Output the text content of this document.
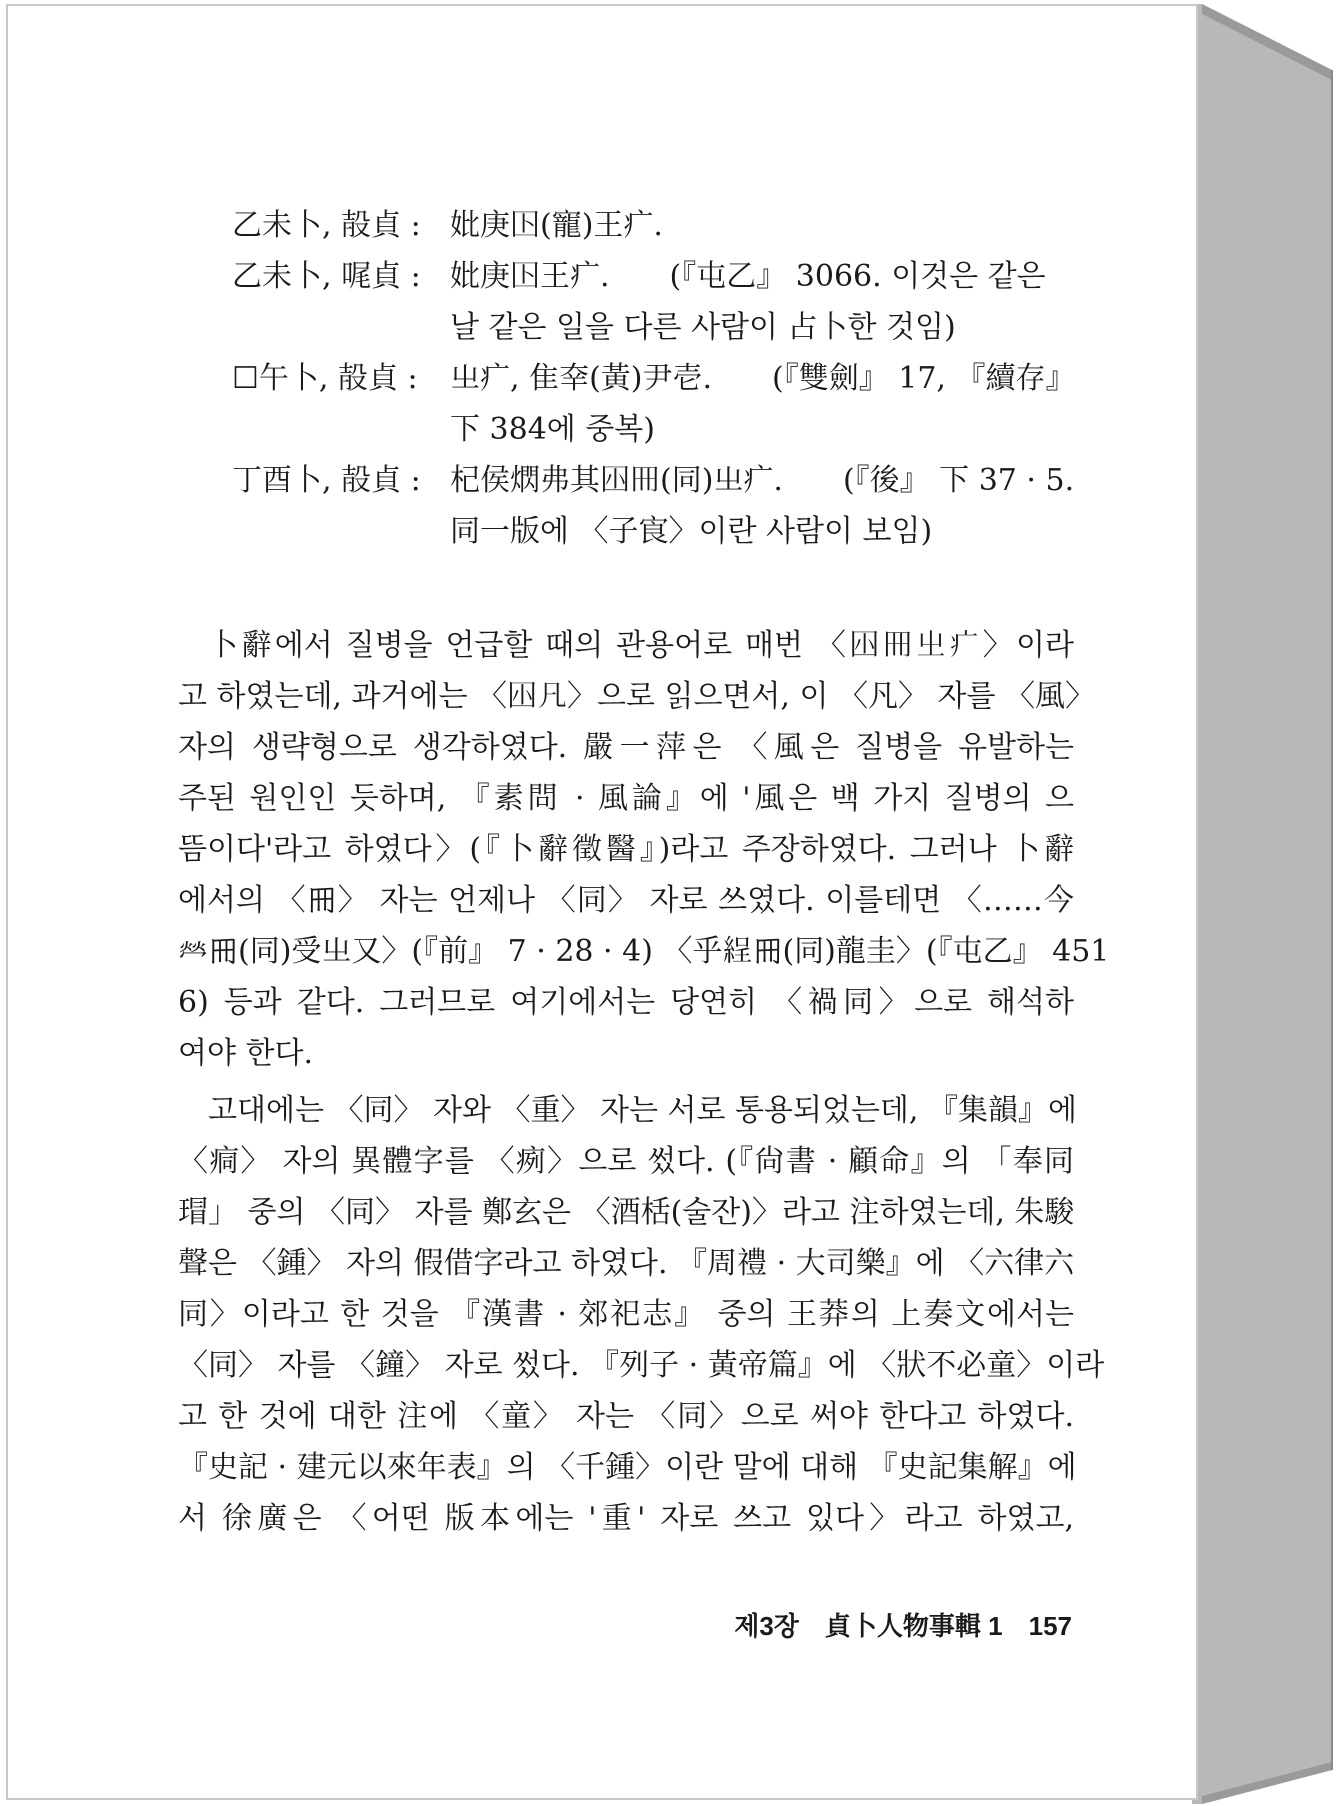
乙未卜, 㱿貞 : 妣庚𡆥(寵)王疒.
乙未卜, 𠳿貞 : 妣庚𡆥王疒.　　(『屯乙』 3066. 이것은 같은
날 같은 일을 다른 사람이 占卜한 것임)
☐午卜, 㱿貞 :	㞢疒, 隹㚔(黃)尹壱.　　(『雙劍』 17, 『續存』
下 384에 중복)
丁酉卜, 㱿貞 : 杞侯熌弗其𡆧𠕁(同)㞢疒.　　(『後』 下 37 · 5.
同一版에 〈子㝗〉이란 사람이 보임)
卜辭에서 질병을 언급할 때의 관용어로 매번 〈𡆧𠕁㞢疒〉이라
고 하였는데, 과거에는 〈𡆧凡〉으로 읽으면서, 이 〈凡〉 자를 〈風〉
자의 생략형으로 생각하였다. 嚴一萍은 〈風은 질병을 유발하는
주된 원인인 듯하며, 『素問 · 風論』에 '風은 백 가지 질병의 으
뜸이다'라고 하였다〉(『卜辭徵醫』)라고 주장하였다. 그러나 卜辭
에서의 〈𠕁〉 자는 언제나 〈同〉 자로 쓰였다. 이를테면 〈……今
𤇾𠕁(同)受㞢又〉(『前』 7 · 28 · 4) 〈乎𦀚𠕁(同)龍圭〉(『屯乙』 451
6) 등과 같다. 그러므로 여기에서는 당연히 〈禍同〉으로 해석하
여야 한다.
고대에는 〈同〉 자와 〈重〉 자는 서로 통용되었는데, 『集韻』에
〈痌〉 자의 異體字를 〈㾐〉으로 썼다. (『尙書 · 顧命』의 「奉同
瑁」 중의 〈同〉 자를 鄭玄은 〈酒栝(술잔)〉라고 注하였는데, 朱駿
聲은 〈鍾〉 자의 假借字라고 하였다. 『周禮 · 大司樂』에 〈六律六
同〉이라고 한 것을 『漢書 · 郊祀志』 중의 王莽의 上奏文에서는
〈同〉 자를 〈鐘〉 자로 썼다. 『列子 · 黃帝篇』에 〈狀不必童〉이라
고 한 것에 대한 注에 〈童〉 자는 〈同〉으로 써야 한다고 하였다.
『史記 · 建元以來年表』의 〈千鍾〉이란 말에 대해 『史記集解』에
서 徐廣은 〈어떤 版本에는 '重' 자로 쓰고 있다〉라고 하였고,
제3장　貞卜人物事輯 1　157
